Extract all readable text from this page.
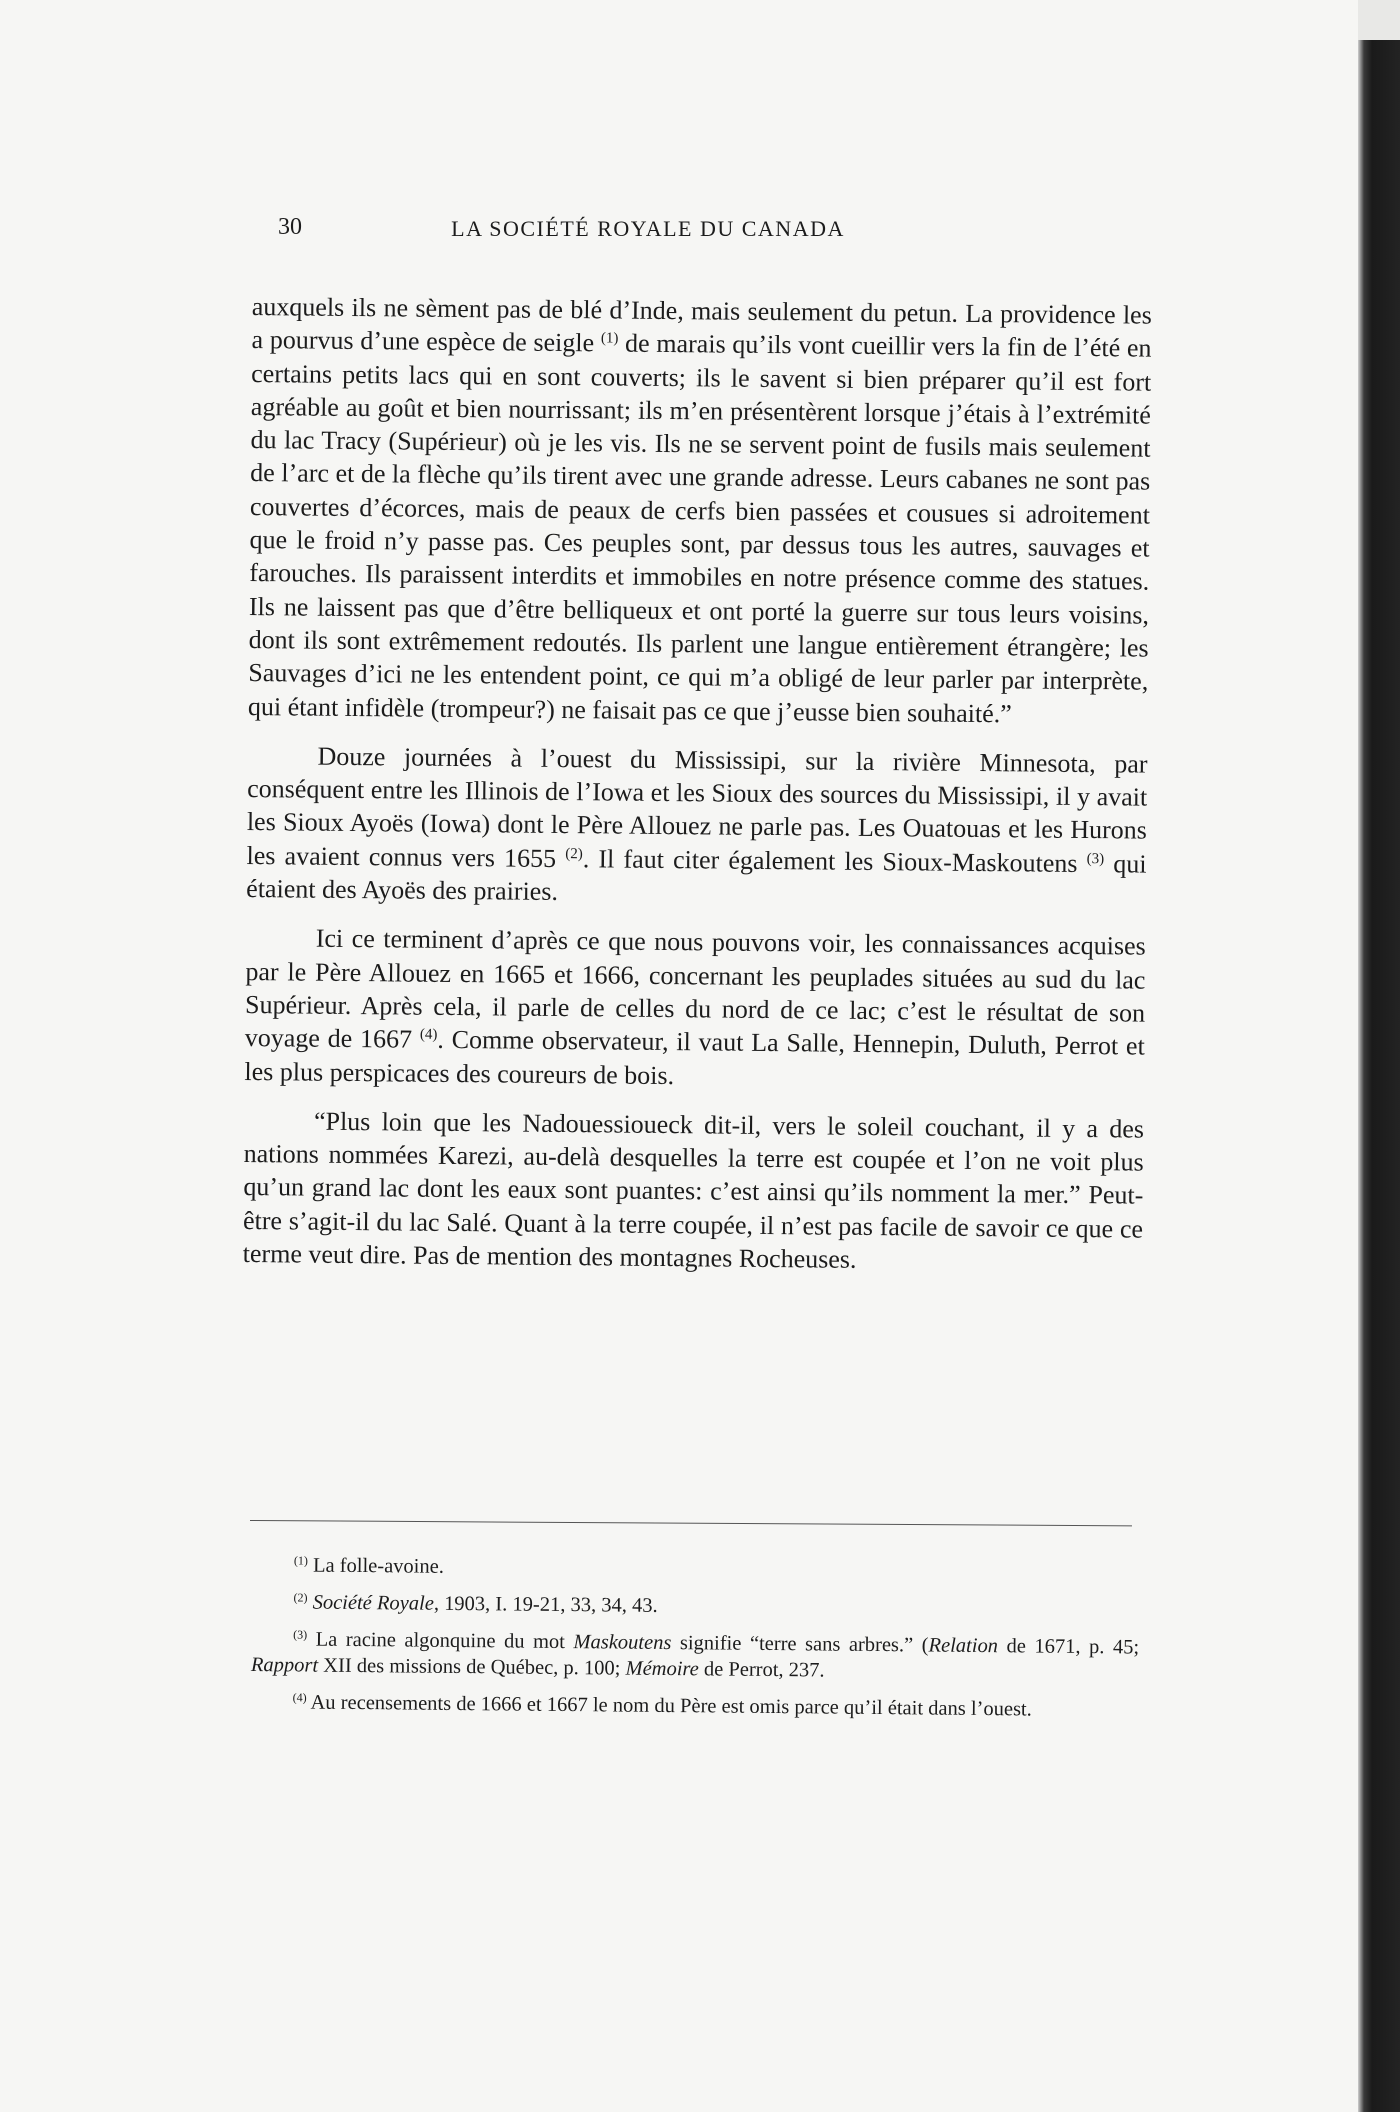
30	LA SOCIÉTÉ ROYALE DU CANADA

auxquels ils ne sèment pas de blé d’Inde, mais seulement du petun. La providence les a pourvus d’une espèce de seigle $^{(1)}$ de marais qu’ils vont cueillir vers la fin de l’été en certains petits lacs qui en sont couverts; ils le savent si bien préparer qu’il est fort agréable au goût et bien nourrissant; ils m’en présentèrent lorsque j’étais à l’extrémité du lac Tracy (Supérieur) où je les vis. Ils ne se servent point de fusils mais seulement de l’arc et de la flèche qu’ils tirent avec une grande adresse. Leurs cabanes ne sont pas couvertes d’écorces, mais de peaux de cerfs bien passées et cousues si adroitement que le froid n’y passe pas. Ces peuples sont, par dessus tous les autres, sauvages et farouches. Ils paraissent interdits et immobiles en notre présence comme des statues. Ils ne laissent pas que d’être belliqueux et ont porté la guerre sur tous leurs voisins, dont ils sont extrêmement redoutés. Ils parlent une langue entièrement étrangère; les Sauvages d’ici ne les entendent point, ce qui m’a obligé de leur parler par interprète, qui étant infidèle (trompeur?) ne faisait pas ce que j’eusse bien souhaité.”

Douze journées à l’ouest du Mississipi, sur la rivière Minnesota, par conséquent entre les Illinois de l’Iowa et les Sioux des sources du Mississipi, il y avait les Sioux Ayoës (Iowa) dont le Père Allouez ne parle pas. Les Ouatouas et les Hurons les avaient connus vers 1655 $^{(2)}$. Il faut citer également les Sioux-Maskoutens $^{(3)}$ qui étaient des Ayoës des prairies.

Ici ce terminent d’après ce que nous pouvons voir, les connaissances acquises par le Père Allouez en 1665 et 1666, concernant les peuplades situées au sud du lac Supérieur. Après cela, il parle de celles du nord de ce lac; c’est le résultat de son voyage de 1667 $^{(4)}$. Comme observateur, il vaut La Salle, Hennepin, Duluth, Perrot et les plus perspicaces des coureurs de bois.

“Plus loin que les Nadouessioueck dit-il, vers le soleil couchant, il y a des nations nommées Karezi, au-delà desquelles la terre est coupée et l’on ne voit plus qu’un grand lac dont les eaux sont puantes: c’est ainsi qu’ils nomment la mer.” Peut-être s’agit-il du lac Salé. Quant à la terre coupée, il n’est pas facile de savoir ce que ce terme veut dire. Pas de mention des montagnes Rocheuses.

$^{(1)}$ La folle-avoine.

$^{(2)}$ Société Royale, 1903, I. 19-21, 33, 34, 43.

$^{(3)}$ La racine algonquine du mot Maskoutens signifie “terre sans arbres.” (Relation de 1671, p. 45; Rapport XII des missions de Québec, p. 100; Mémoire de Perrot, 237.

$^{(4)}$ Au recensements de 1666 et 1667 le nom du Père est omis parce qu’il était dans l’ouest.
